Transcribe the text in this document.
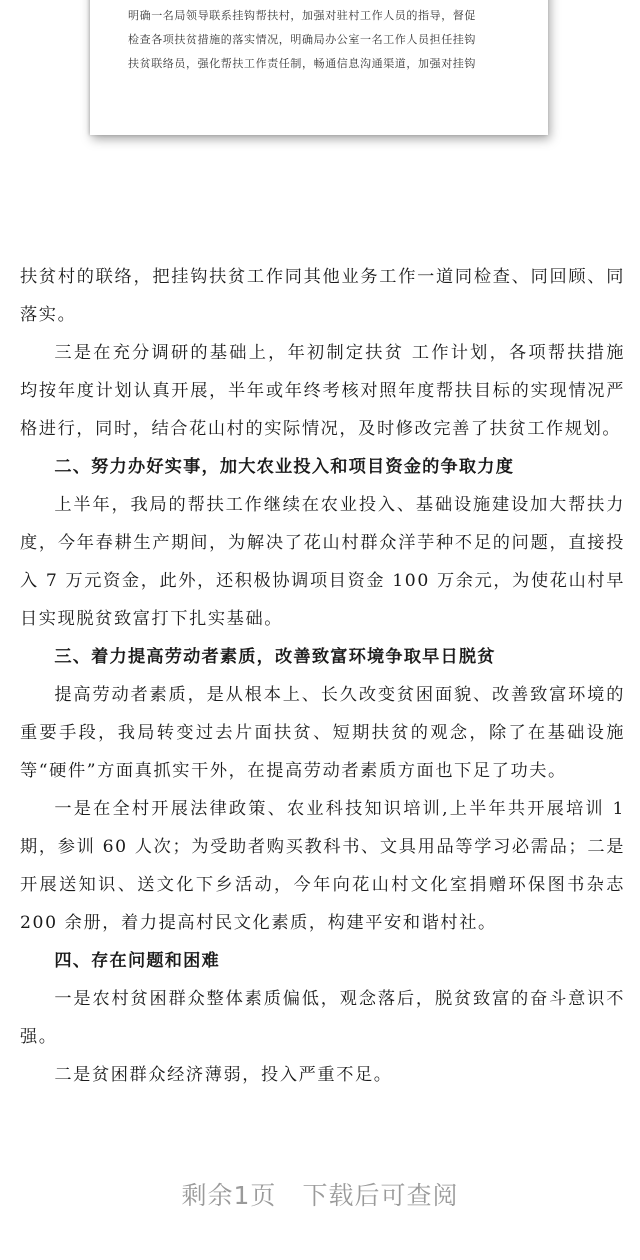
明确一名局领导联系挂钩帮扶村，加强对驻村工作人员的指导，督促

检查各项扶贫措施的落实情况，明确局办公室一名工作人员担任挂钩

扶贫联络员，强化帮扶工作责任制，畅通信息沟通渠道，加强对挂钩

扶贫村的联络，把挂钩扶贫工作同其他业务工作一道同检查、同回顾、同落实。

三是在充分调研的基础上，年初制定扶贫 工作计划，各项帮扶措施均按年度计划认真开展，半年或年终考核对照年度帮扶目标的实现情况严格进行，同时，结合花山村的实际情况，及时修改完善了扶贫工作规划。

二、努力办好实事，加大农业投入和项目资金的争取力度

上半年，我局的帮扶工作继续在农业投入、基础设施建设加大帮扶力度，今年春耕生产期间，为解决了花山村群众洋芋种不足的问题，直接投入 7 万元资金，此外，还积极协调项目资金 100 万余元，为使花山村早日实现脱贫致富打下扎实基础。

三、着力提高劳动者素质，改善致富环境争取早日脱贫

提高劳动者素质，是从根本上、长久改变贫困面貌、改善致富环境的重要手段，我局转变过去片面扶贫、短期扶贫的观念，除了在基础设施等“硬件”方面真抓实干外，在提高劳动者素质方面也下足了功夫。

一是在全村开展法律政策、农业科技知识培训,上半年共开展培训 1 期，参训 60 人次；为受助者购买教科书、文具用品等学习必需品；二是开展送知识、送文化下乡活动，今年向花山村文化室捐赠环保图书杂志 200 余册，着力提高村民文化素质，构建平安和谐村社。

四、存在问题和困难

一是农村贫困群众整体素质偏低，观念落后，脱贫致富的奋斗意识不强。

二是贫困群众经济薄弱，投入严重不足。

剩余1页 下载后可查阅
